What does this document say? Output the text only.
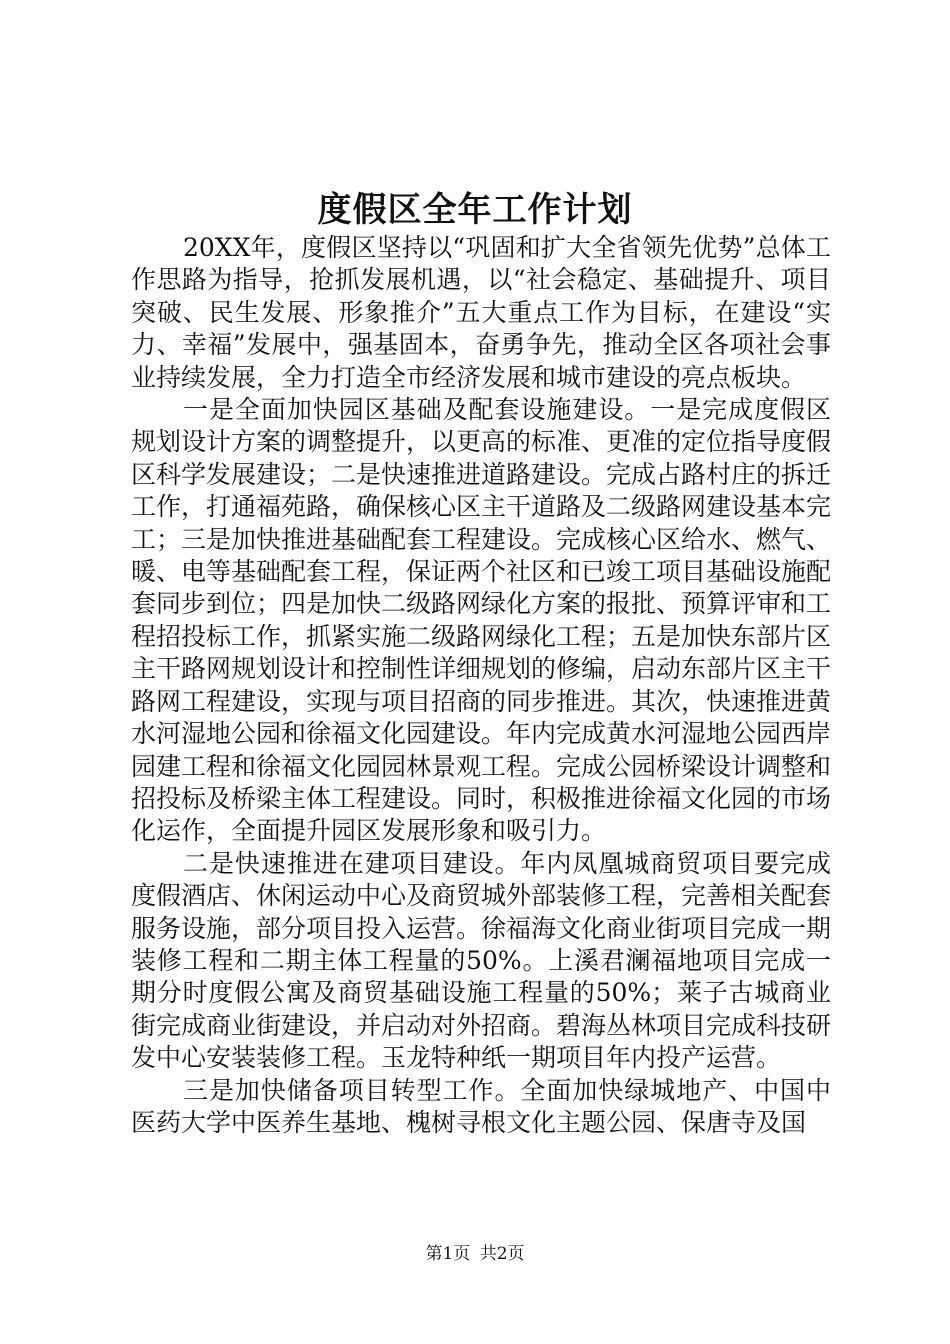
度假区全年工作计划

20XX年，度假区坚持以“巩固和扩大全省领先优势”总体工作思路为指导，抢抓发展机遇，以“社会稳定、基础提升、项目突破、民生发展、形象推介”五大重点工作为目标，在建设“实力、幸福”发展中，强基固本，奋勇争先，推动全区各项社会事业持续发展，全力打造全市经济发展和城市建设的亮点板块。

一是全面加快园区基础及配套设施建设。一是完成度假区规划设计方案的调整提升，以更高的标准、更准的定位指导度假区科学发展建设；二是快速推进道路建设。完成占路村庄的拆迁工作，打通福苑路，确保核心区主干道路及二级路网建设基本完工；三是加快推进基础配套工程建设。完成核心区给水、燃气、暖、电等基础配套工程，保证两个社区和已竣工项目基础设施配套同步到位；四是加快二级路网绿化方案的报批、预算评审和工程招投标工作，抓紧实施二级路网绿化工程；五是加快东部片区主干路网规划设计和控制性详细规划的修编，启动东部片区主干路网工程建设，实现与项目招商的同步推进。其次，快速推进黄水河湿地公园和徐福文化园建设。年内完成黄水河湿地公园西岸园建工程和徐福文化园园林景观工程。完成公园桥梁设计调整和招投标及桥梁主体工程建设。同时，积极推进徐福文化园的市场化运作，全面提升园区发展形象和吸引力。

二是快速推进在建项目建设。年内凤凰城商贸项目要完成度假酒店、休闲运动中心及商贸城外部装修工程，完善相关配套服务设施，部分项目投入运营。徐福海文化商业街项目完成一期装修工程和二期主体工程量的50%。上溪君澜福地项目完成一期分时度假公寓及商贸基础设施工程量的50%；莱子古城商业街完成商业街建设，并启动对外招商。碧海丛林项目完成科技研发中心安装装修工程。玉龙特种纸一期项目年内投产运营。

三是加快储备项目转型工作。全面加快绿城地产、中国中医药大学中医养生基地、槐树寻根文化主题公园、保唐寺及国

第1页 共2页
